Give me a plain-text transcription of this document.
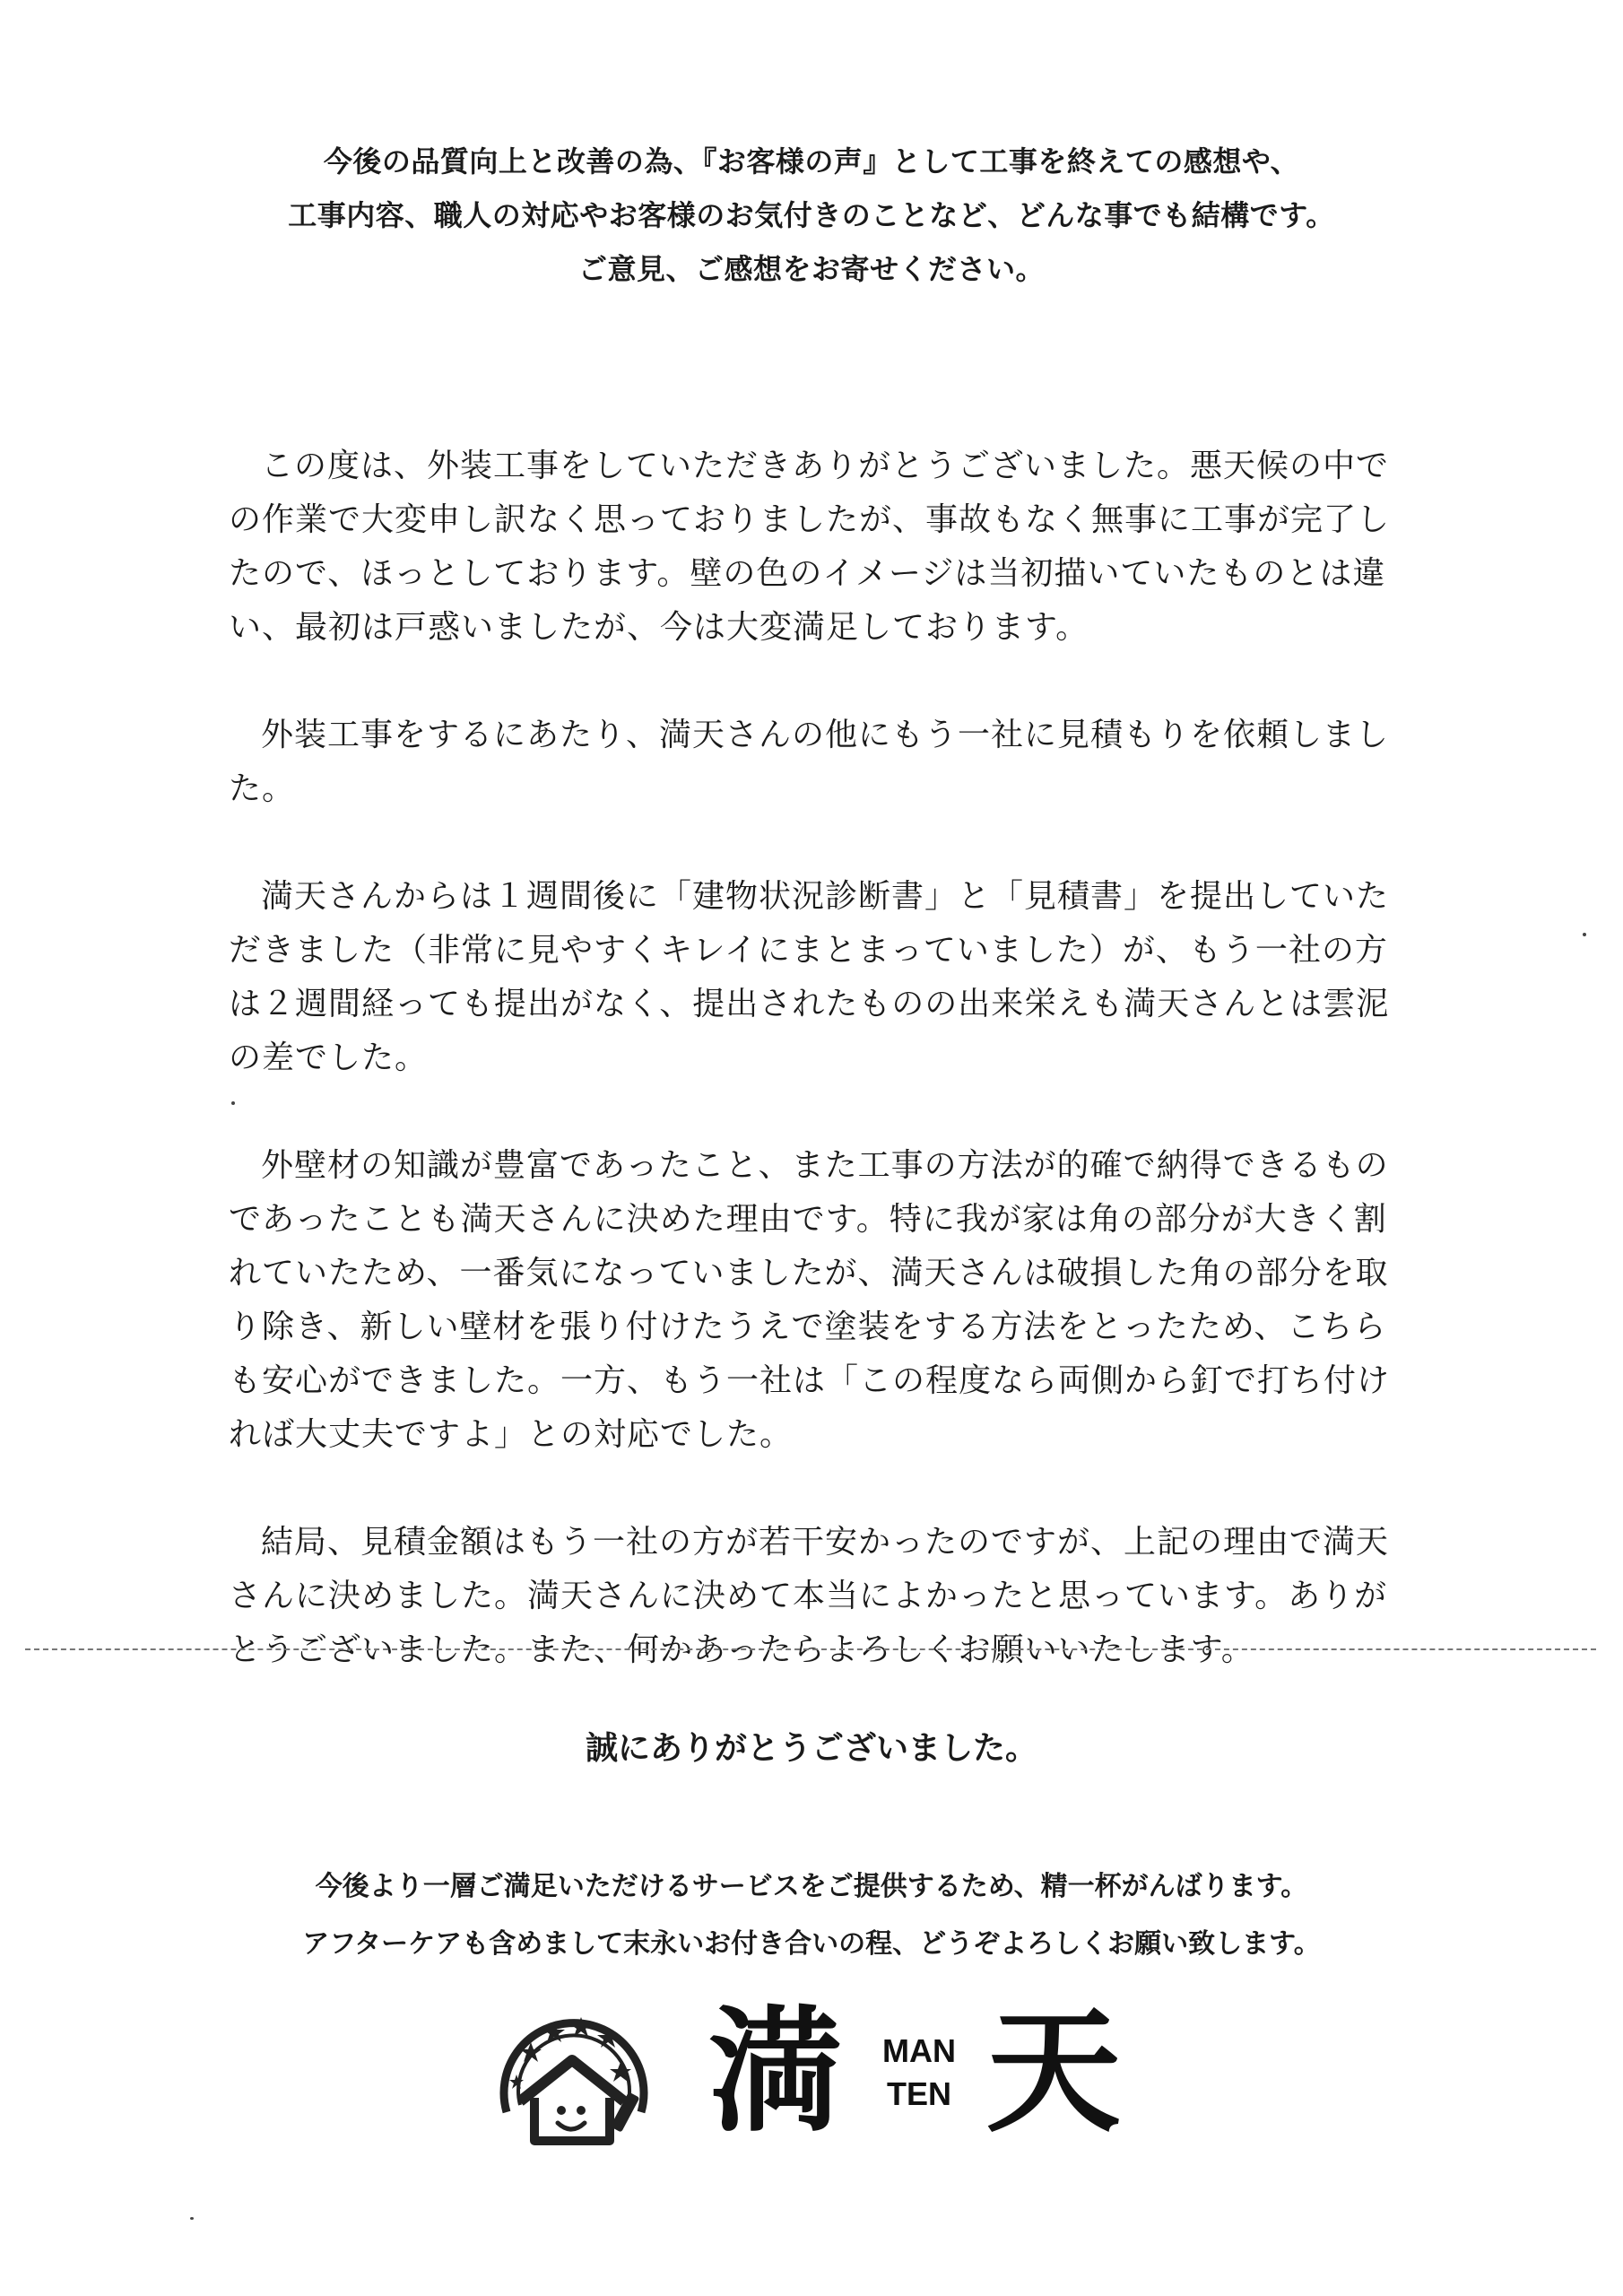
今後の品質向上と改善の為、『お客様の声』として工事を終えての感想や、
工事内容、職人の対応やお客様のお気付きのことなど、どんな事でも結構です。
ご意見、ご感想をお寄せください。

この度は、外装工事をしていただきありがとうございました。悪天候の中での作業で大変申し訳なく思っておりましたが、事故もなく無事に工事が完了したので、ほっとしております。壁の色のイメージは当初描いていたものとは違い、最初は戸惑いましたが、今は大変満足しております。

外装工事をするにあたり、満天さんの他にもう一社に見積もりを依頼しました。

満天さんからは１週間後に「建物状況診断書」と「見積書」を提出していただきました（非常に見やすくキレイにまとまっていました）が、もう一社の方は２週間経っても提出がなく、提出されたものの出来栄えも満天さんとは雲泥の差でした。

外壁材の知識が豊富であったこと、また工事の方法が的確で納得できるものであったことも満天さんに決めた理由です。特に我が家は角の部分が大きく割れていたため、一番気になっていましたが、満天さんは破損した角の部分を取り除き、新しい壁材を張り付けたうえで塗装をする方法をとったため、こちらも安心ができました。一方、もう一社は「この程度なら両側から釘で打ち付ければ大丈夫ですよ」との対応でした。

結局、見積金額はもう一社の方が若干安かったのですが、上記の理由で満天さんに決めました。満天さんに決めて本当によかったと思っています。ありがとうございました。また、何かあったらよろしくお願いいたします。

誠にありがとうございました。
今後より一層ご満足いただけるサービスをご提供するため、精一杯がんばります。
アフターケアも含めまして末永いお付き合いの程、どうぞよろしくお願い致します。
満	MAN
TEN 天
